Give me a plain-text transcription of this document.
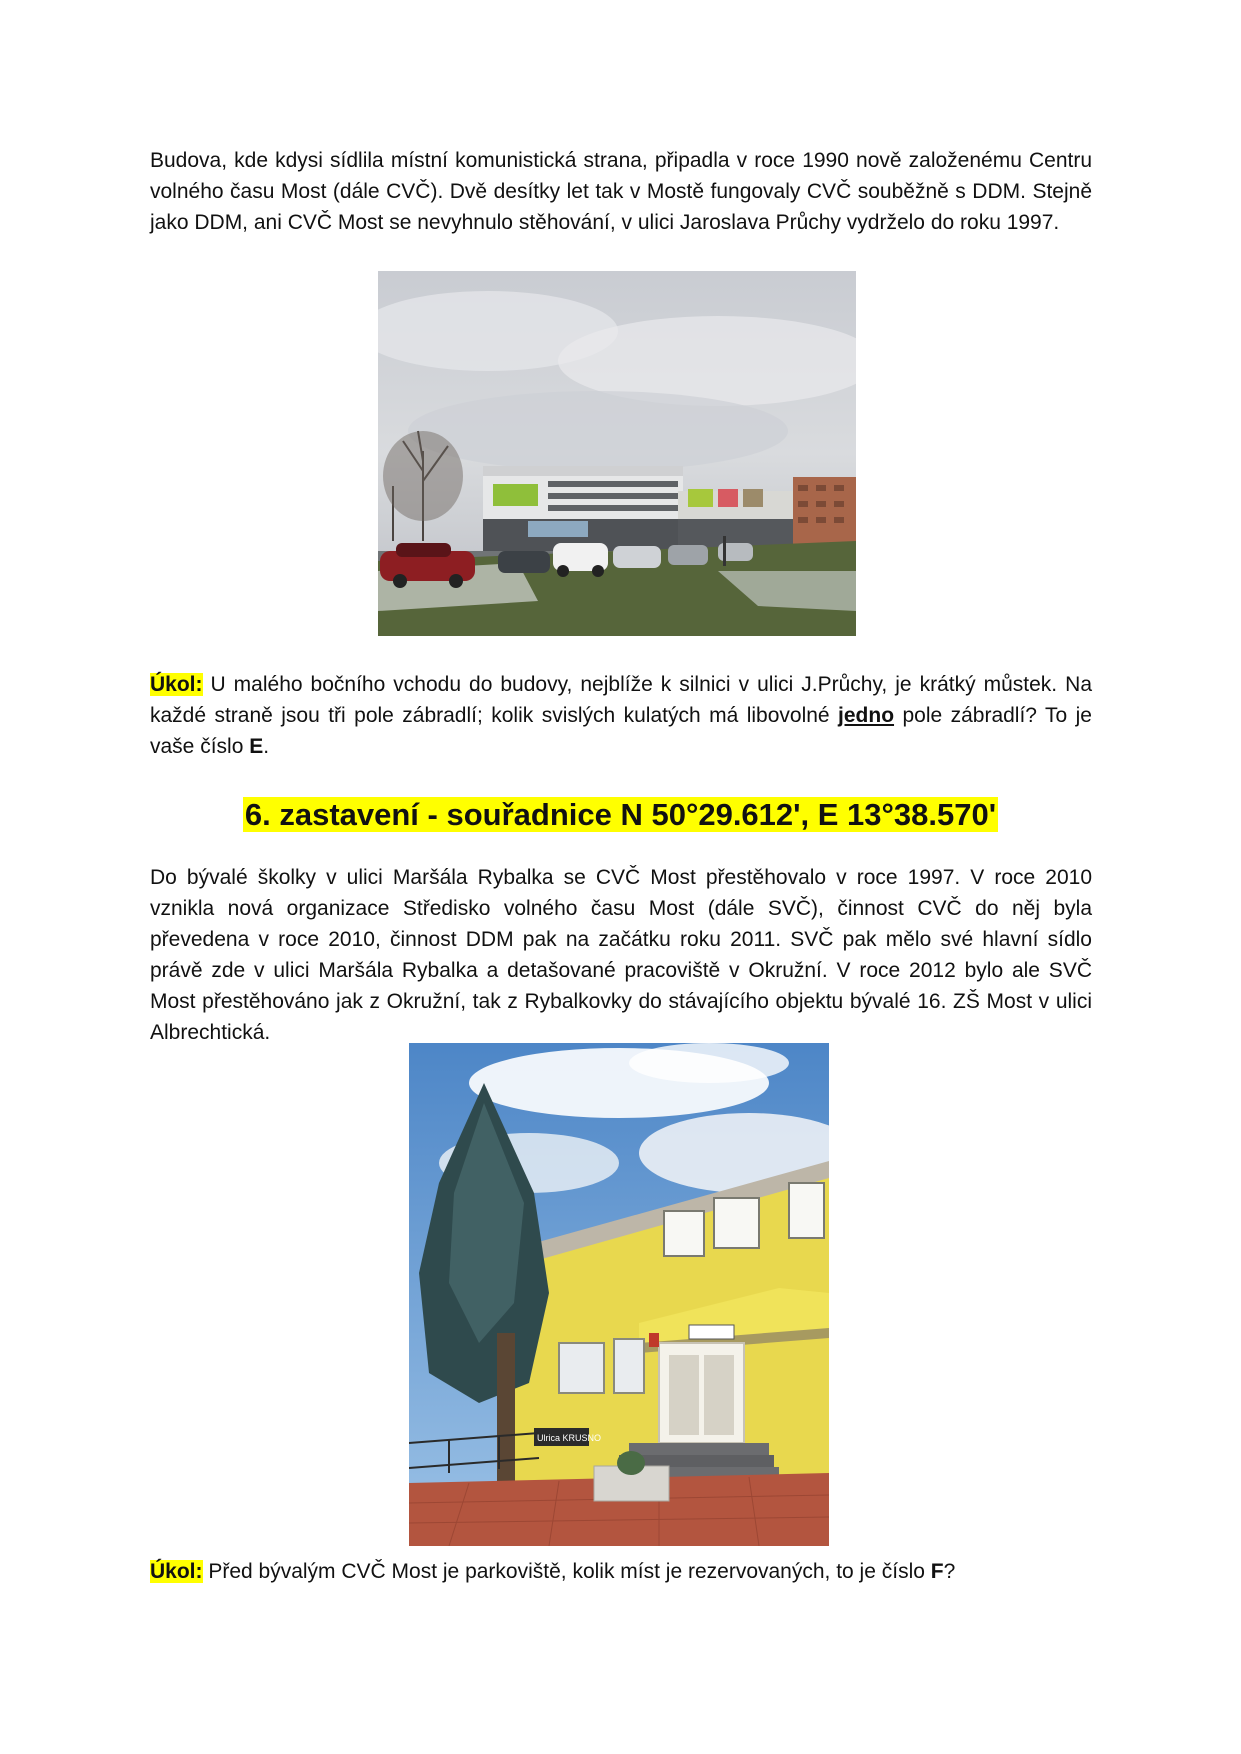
Budova, kde kdysi sídlila místní komunistická strana, připadla v roce 1990 nově založenému Centru volného času Most (dále CVČ). Dvě desítky let tak v Mostě fungovaly CVČ souběžně s DDM. Stejně jako DDM, ani CVČ Most se nevyhnulo stěhování, v ulici Jaroslava Průchy vydrželo do roku 1997.

Úkol: U malého bočního vchodu do budovy, nejblíže k silnici v ulici J.Průchy, je krátký můstek. Na každé straně jsou tři pole zábradlí; kolik svislých kulatých má libovolné jedno pole zábradlí? To je vaše číslo E.

6. zastavení - souřadnice N 50°29.612', E 13°38.570'

Do bývalé školky v ulici Maršála Rybalka se CVČ Most přestěhovalo v roce 1997. V roce 2010 vznikla nová organizace Středisko volného času Most (dále SVČ), činnost CVČ do něj byla převedena v roce 2010, činnost DDM pak na začátku roku 2011. SVČ pak mělo své hlavní sídlo právě zde v ulici Maršála Rybalka a detašované pracoviště v Okružní. V roce 2012 bylo ale SVČ Most přestěhováno jak z Okružní, tak z Rybalkovky do stávajícího objektu bývalé 16. ZŠ Most v ulici Albrechtická.

Ulrica KRUSNO

Úkol: Před bývalým CVČ Most je parkoviště, kolik míst je rezervovaných, to je číslo F?
